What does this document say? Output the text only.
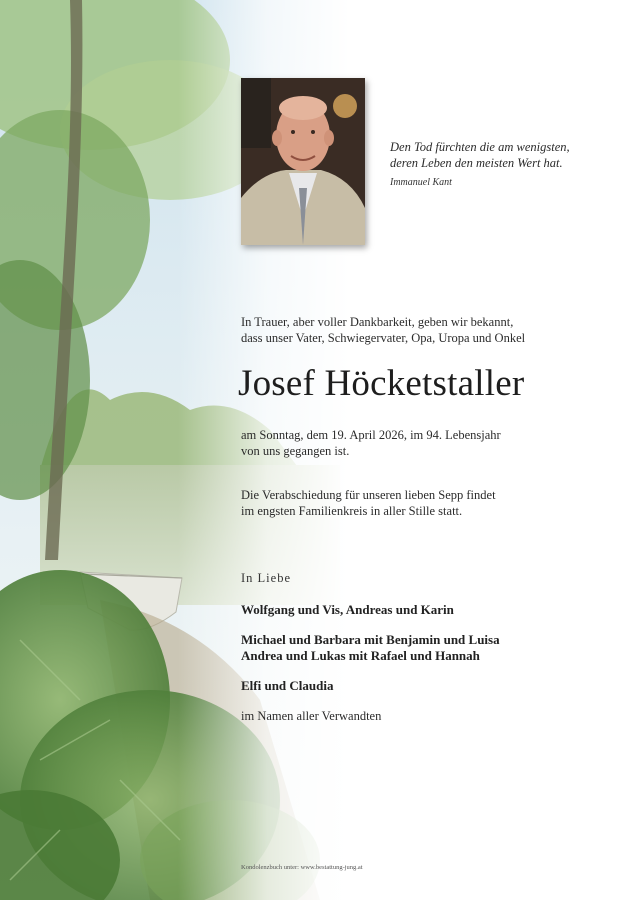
Den Tod fürchten die am wenigsten,
deren Leben den meisten Wert hat.
Immanuel Kant
In Trauer, aber voller Dankbarkeit, geben wir bekannt,
dass unser Vater, Schwiegervater, Opa, Uropa und Onkel
Josef Höcketstaller
am Sonntag, dem 19. April 2026, im 94. Lebensjahr
von uns gegangen ist.
Die Verabschiedung für unseren lieben Sepp findet
im engsten Familienkreis in aller Stille statt.
In Liebe
Wolfgang und Vis, Andreas und Karin
Michael und Barbara mit Benjamin und Luisa
Andrea und Lukas mit Rafael und Hannah
Elfi und Claudia
im Namen aller Verwandten
Kondolenzbuch unter: www.bestattung-jung.at
